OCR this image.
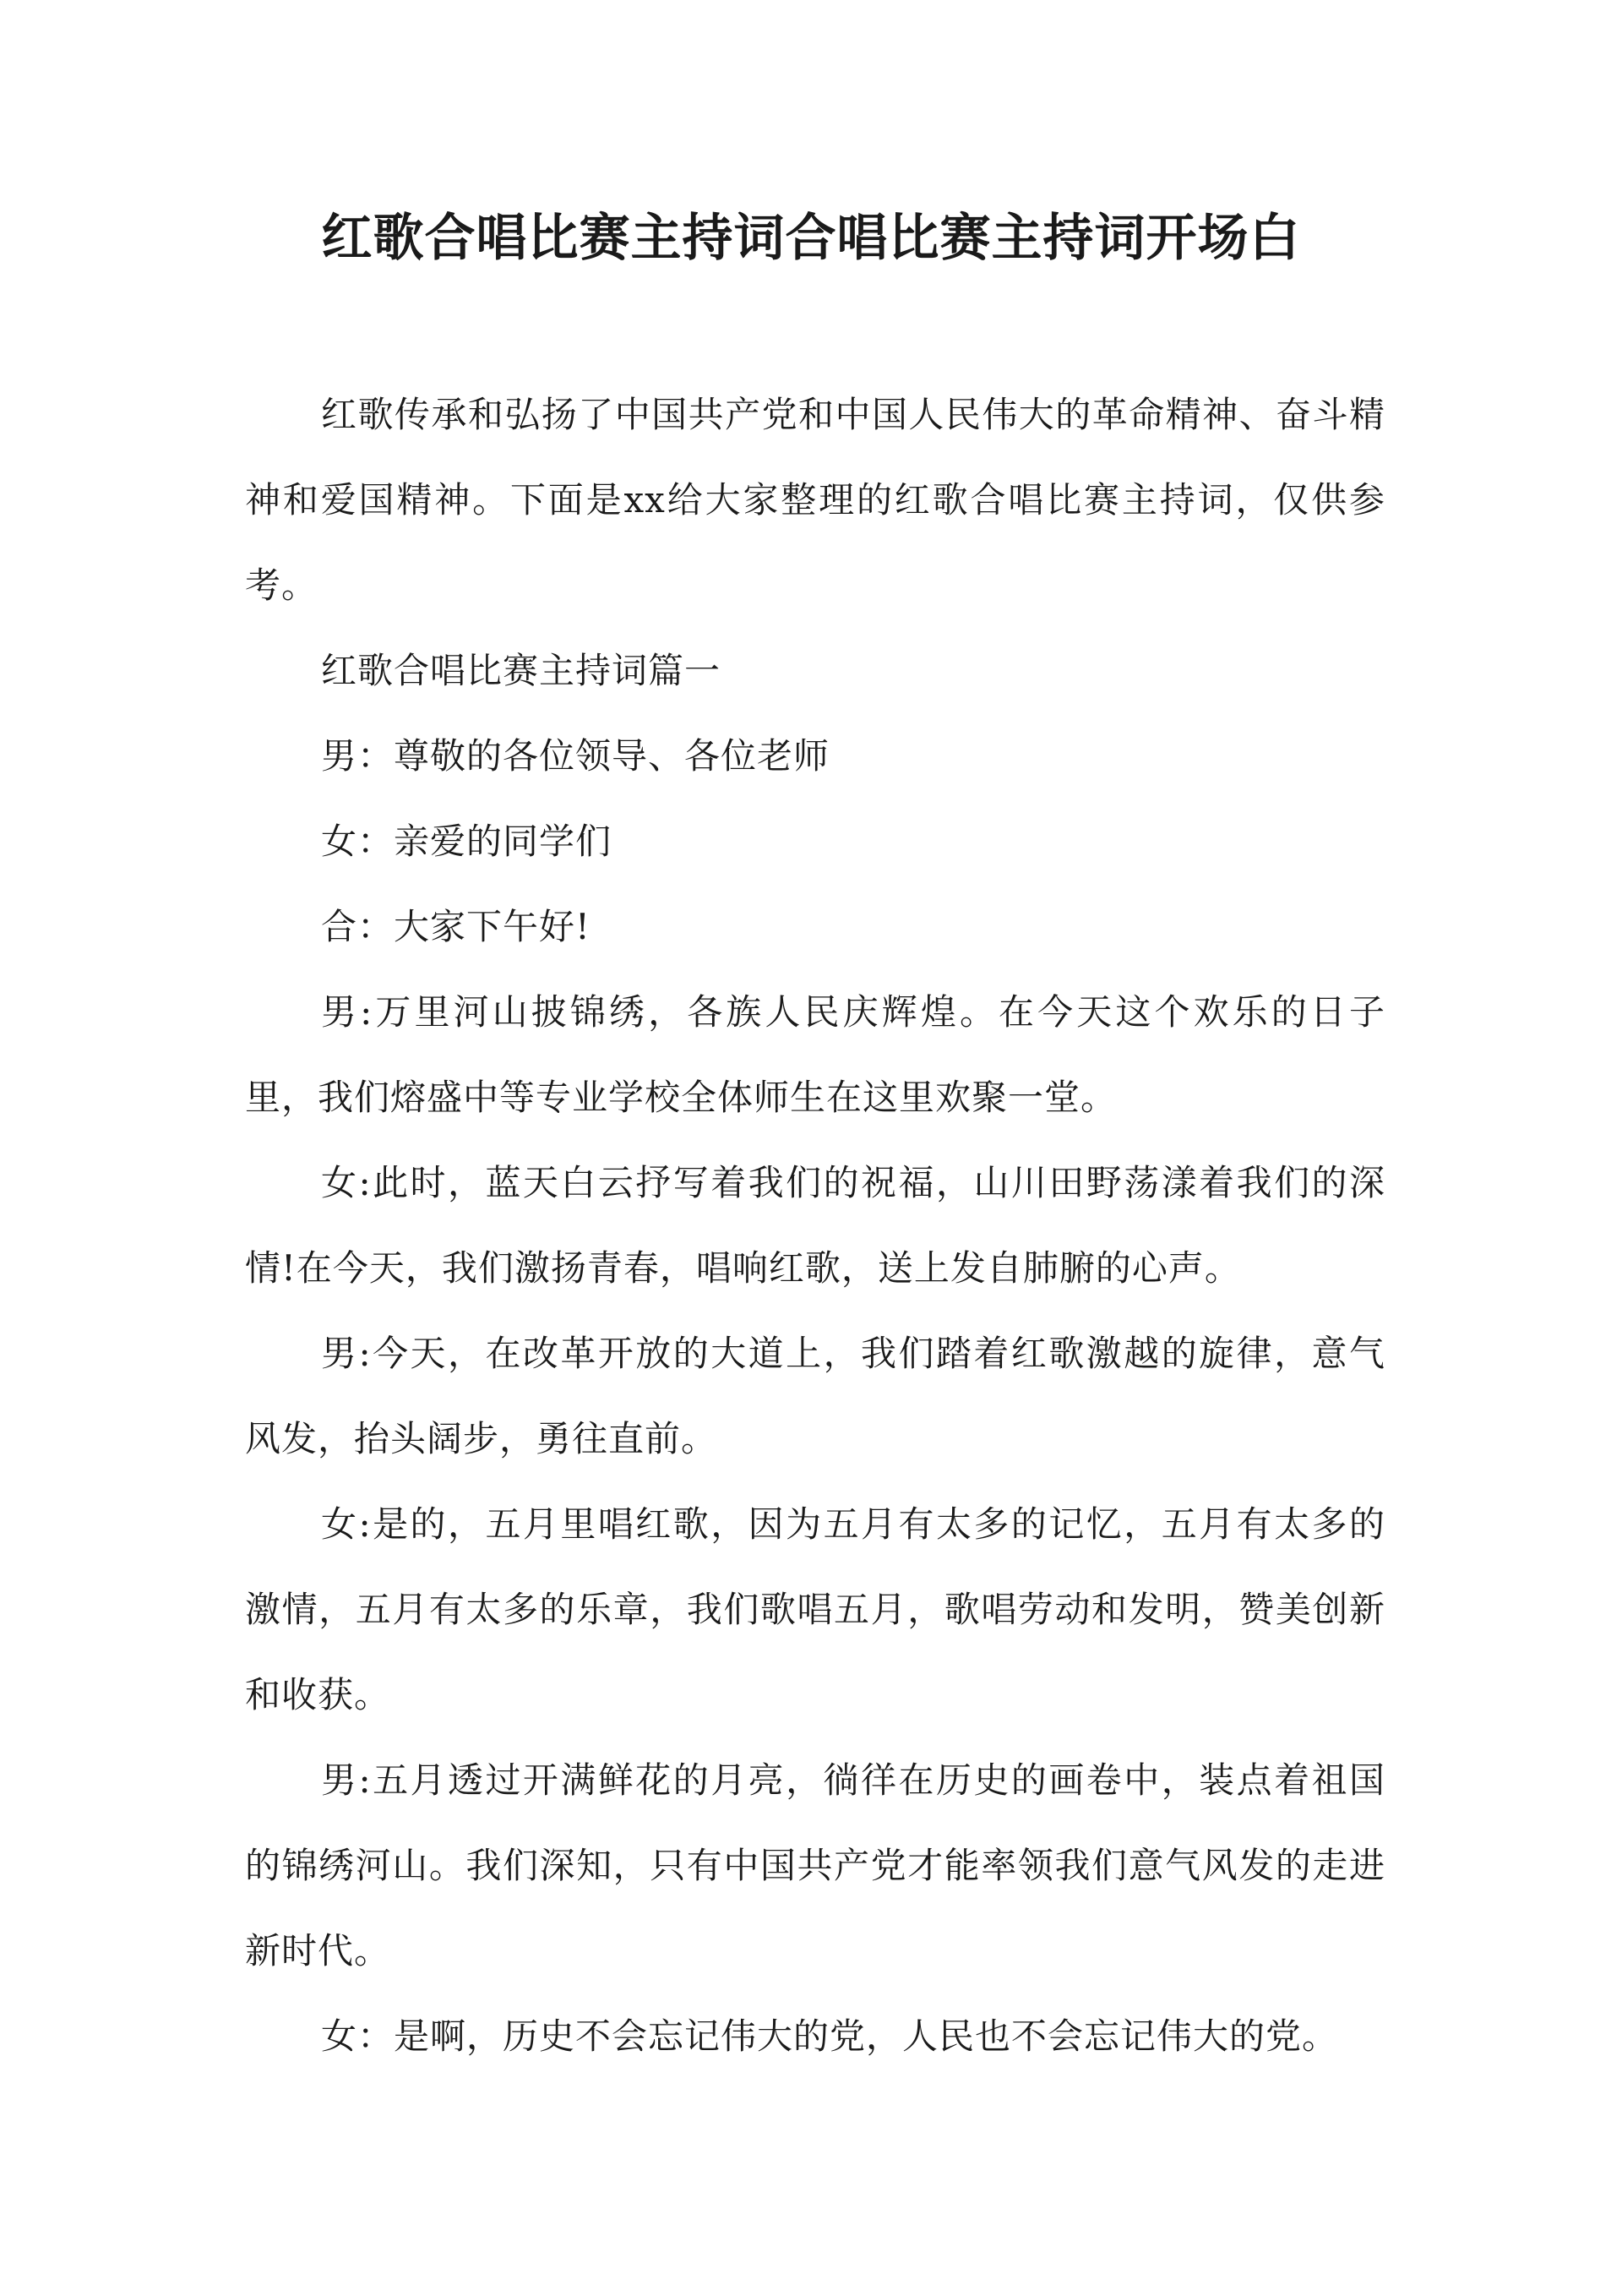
红歌合唱比赛主持词合唱比赛主持词开场白

红歌传承和弘扬了中国共产党和中国人民伟大的革命精神、奋斗精神和爱国精神。下面是xx给大家整理的红歌合唱比赛主持词，仅供参考。

红歌合唱比赛主持词篇一

男：尊敬的各位领导、各位老师

女：亲爱的同学们

合：大家下午好!

男:万里河山披锦绣，各族人民庆辉煌。在今天这个欢乐的日子里，我们熔盛中等专业学校全体师生在这里欢聚一堂。

女:此时，蓝天白云抒写着我们的祝福，山川田野荡漾着我们的深情!在今天，我们激扬青春，唱响红歌，送上发自肺腑的心声。

男:今天，在改革开放的大道上，我们踏着红歌激越的旋律，意气风发，抬头阔步，勇往直前。

女:是的，五月里唱红歌，因为五月有太多的记忆，五月有太多的激情，五月有太多的乐章，我们歌唱五月，歌唱劳动和发明，赞美创新和收获。

男:五月透过开满鲜花的月亮，徜徉在历史的画卷中，装点着祖国的锦绣河山。我们深知，只有中国共产党才能率领我们意气风发的走进新时代。

女：是啊，历史不会忘记伟大的党，人民也不会忘记伟大的党。
